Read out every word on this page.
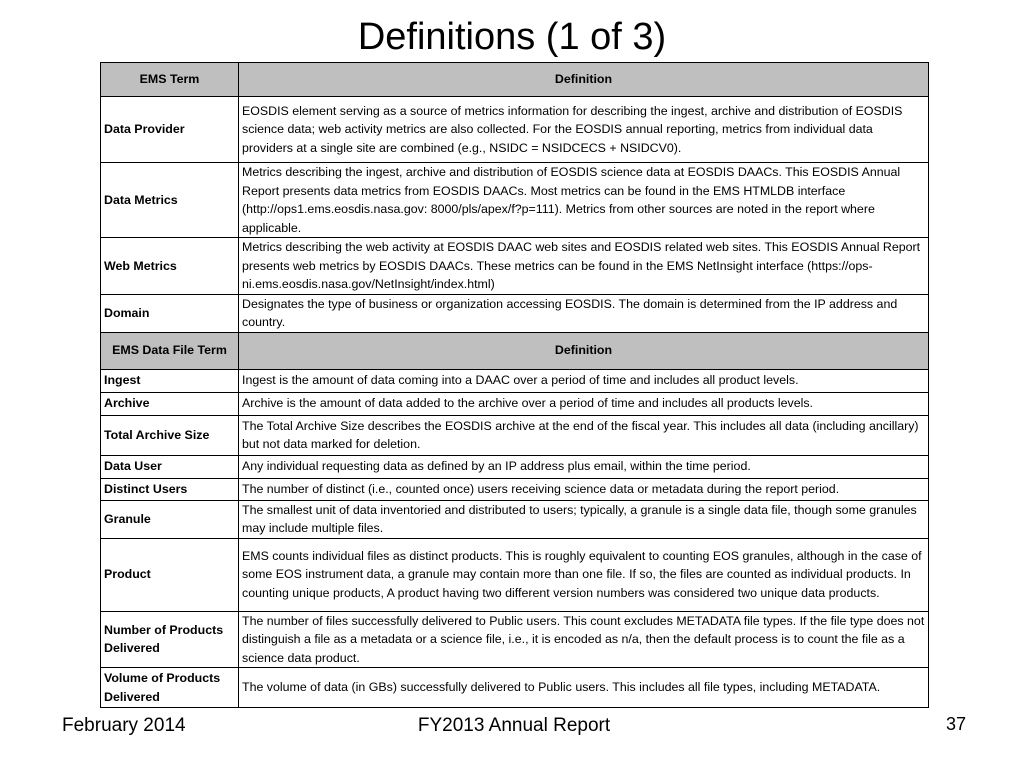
Definitions (1 of 3)
EMS Term	Definition
Data Provider	EOSDIS element serving as a source of metrics information for describing the ingest, archive and distribution of EOSDIS science data; web activity metrics are also collected. For the EOSDIS annual reporting, metrics from individual data providers at a single site are combined (e.g., NSIDC = NSIDCECS + NSIDCV0).
Data Metrics	Metrics describing the ingest, archive and distribution of EOSDIS science data at EOSDIS DAACs. This EOSDIS Annual Report presents data metrics from EOSDIS DAACs. Most metrics can be found in the EMS HTMLDB interface (http://ops1.ems.eosdis.nasa.gov: 8000/pls/apex/f?p=111). Metrics from other sources are noted in the report where applicable.
Web Metrics	Metrics describing the web activity at EOSDIS DAAC web sites and EOSDIS related web sites. This EOSDIS Annual Report presents web metrics by EOSDIS DAACs. These metrics can be found in the EMS NetInsight interface (https://ops-ni.ems.eosdis.nasa.gov/NetInsight/index.html)
Domain	Designates the type of business or organization accessing EOSDIS. The domain is determined from the IP address and country.
EMS Data File Term	Definition
Ingest	Ingest is the amount of data coming into a DAAC over a period of time and includes all product levels.
Archive	Archive is the amount of data added to the archive over a period of time and includes all products levels.
Total Archive Size	The Total Archive Size describes the EOSDIS archive at the end of the fiscal year. This includes all data (including ancillary) but not data marked for deletion.
Data User	Any individual requesting data as defined by an IP address plus email, within the time period.
Distinct Users	The number of distinct (i.e., counted once) users receiving science data or metadata during the report period.
Granule	The smallest unit of data inventoried and distributed to users; typically, a granule is a single data file, though some granules may include multiple files.
Product	EMS counts individual files as distinct products. This is roughly equivalent to counting EOS granules, although in the case of some EOS instrument data, a granule may contain more than one file. If so, the files are counted as individual products. In counting unique products, A product having two different version numbers was considered two unique data products.
Number of Products Delivered	The number of files successfully delivered to Public users. This count excludes METADATA file types. If the file type does not distinguish a file as a metadata or a science file, i.e., it is encoded as n/a, then the default process is to count the file as a science data product.
Volume of Products Delivered	The volume of data (in GBs) successfully delivered to Public users. This includes all file types, including METADATA.
February 2014	FY2013 Annual Report	37
